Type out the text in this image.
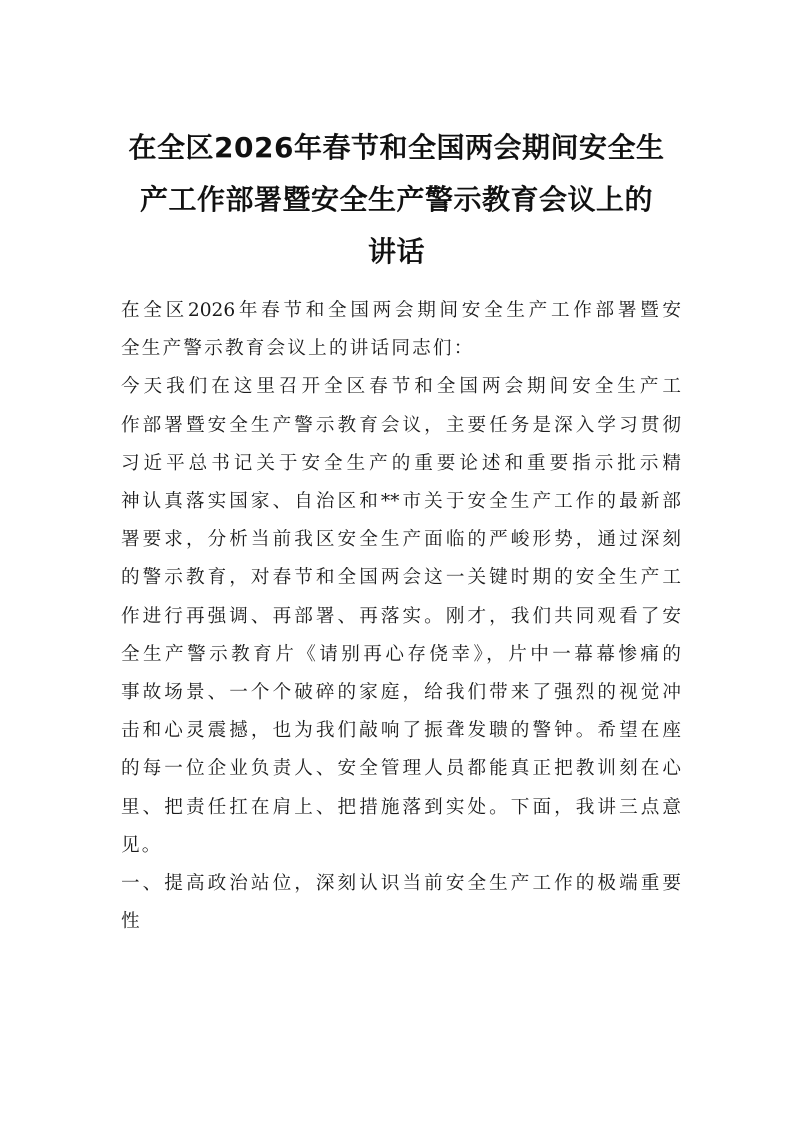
在全区2026年春节和全国两会期间安全生
产工作部署暨安全生产警示教育会议上的
讲话
在全区2026年春节和全国两会期间安全生产工作部署暨安
全生产警示教育会议上的讲话同志们：
今天我们在这里召开全区春节和全国两会期间安全生产工
作部署暨安全生产警示教育会议，主要任务是深入学习贯彻
习近平总书记关于安全生产的重要论述和重要指示批示精
神认真落实国家、自治区和**市关于安全生产工作的最新部
署要求，分析当前我区安全生产面临的严峻形势，通过深刻
的警示教育，对春节和全国两会这一关键时期的安全生产工
作进行再强调、再部署、再落实。刚才，我们共同观看了安
全生产警示教育片《请别再心存侥幸》，片中一幕幕惨痛的
事故场景、一个个破碎的家庭，给我们带来了强烈的视觉冲
击和心灵震撼，也为我们敲响了振聋发聩的警钟。希望在座
的每一位企业负责人、安全管理人员都能真正把教训刻在心
里、把责任扛在肩上、把措施落到实处。下面，我讲三点意
见。
一、提高政治站位，深刻认识当前安全生产工作的极端重要
性
